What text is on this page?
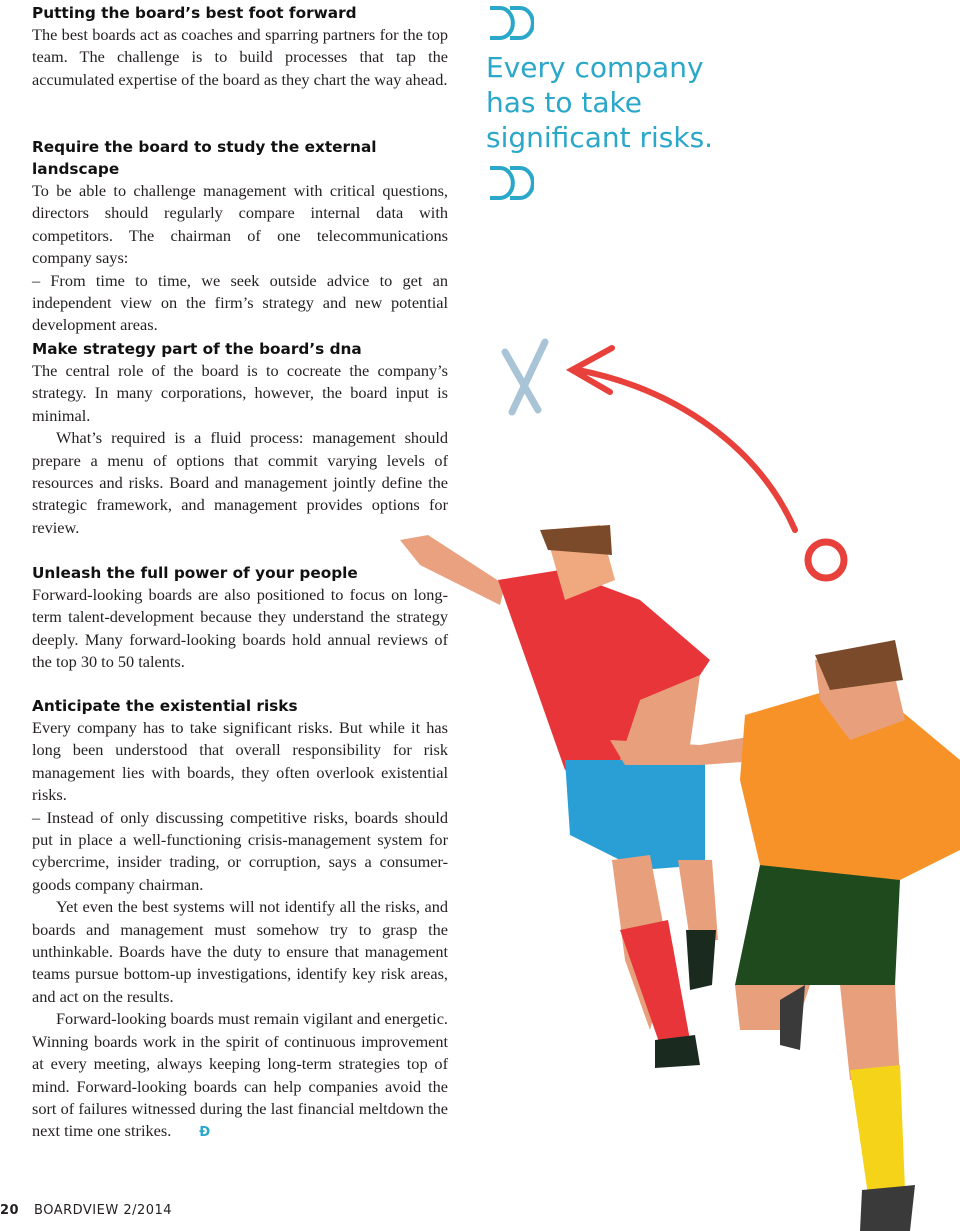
Putting the board’s best foot forward

The best boards act as coaches and sparring partners for the top team. The challenge is to build processes that tap the accumulated expertise of the board as they chart the way ahead.

Require the board to study the external landscape

To be able to challenge management with critical questions, directors should regularly compare internal data with competitors. The chairman of one telecommunications company says:

– From time to time, we seek outside advice to get an independent view on the firm’s strategy and new potential development areas.

Make strategy part of the board’s dna

The central role of the board is to cocreate the company’s strategy. In many corporations, however, the board input is minimal.

What’s required is a fluid process: management should prepare a menu of options that commit varying levels of resources and risks. Board and management jointly define the strategic framework, and management provides options for review.

Unleash the full power of your people

Forward-looking boards are also positioned to focus on long-term talent-development because they understand the strategy deeply. Many forward-looking boards hold annual reviews of the top 30 to 50 talents.

Anticipate the existential risks

Every company has to take significant risks. But while it has long been understood that overall responsibility for risk management lies with boards, they often overlook existential risks.

– Instead of only discussing competitive risks, boards should put in place a well-functioning crisis-management system for cybercrime, insider trading, or corruption, says a consumer-goods company chairman.

Yet even the best systems will not identify all the risks, and boards and management must somehow try to grasp the unthinkable. Boards have the duty to ensure that management teams pursue bottom-up investigations, identify key risk areas, and act on the results.

Forward-looking boards must remain vigilant and energetic. Winning boards work in the spirit of continuous improvement at every meeting, always keeping long-term strategies top of mind. Forward-looking boards can help companies avoid the sort of failures witnessed during the last financial meltdown the next time one strikes. Ð

Every company has to take significant risks.
20 BOARDVIEW 2/2014
